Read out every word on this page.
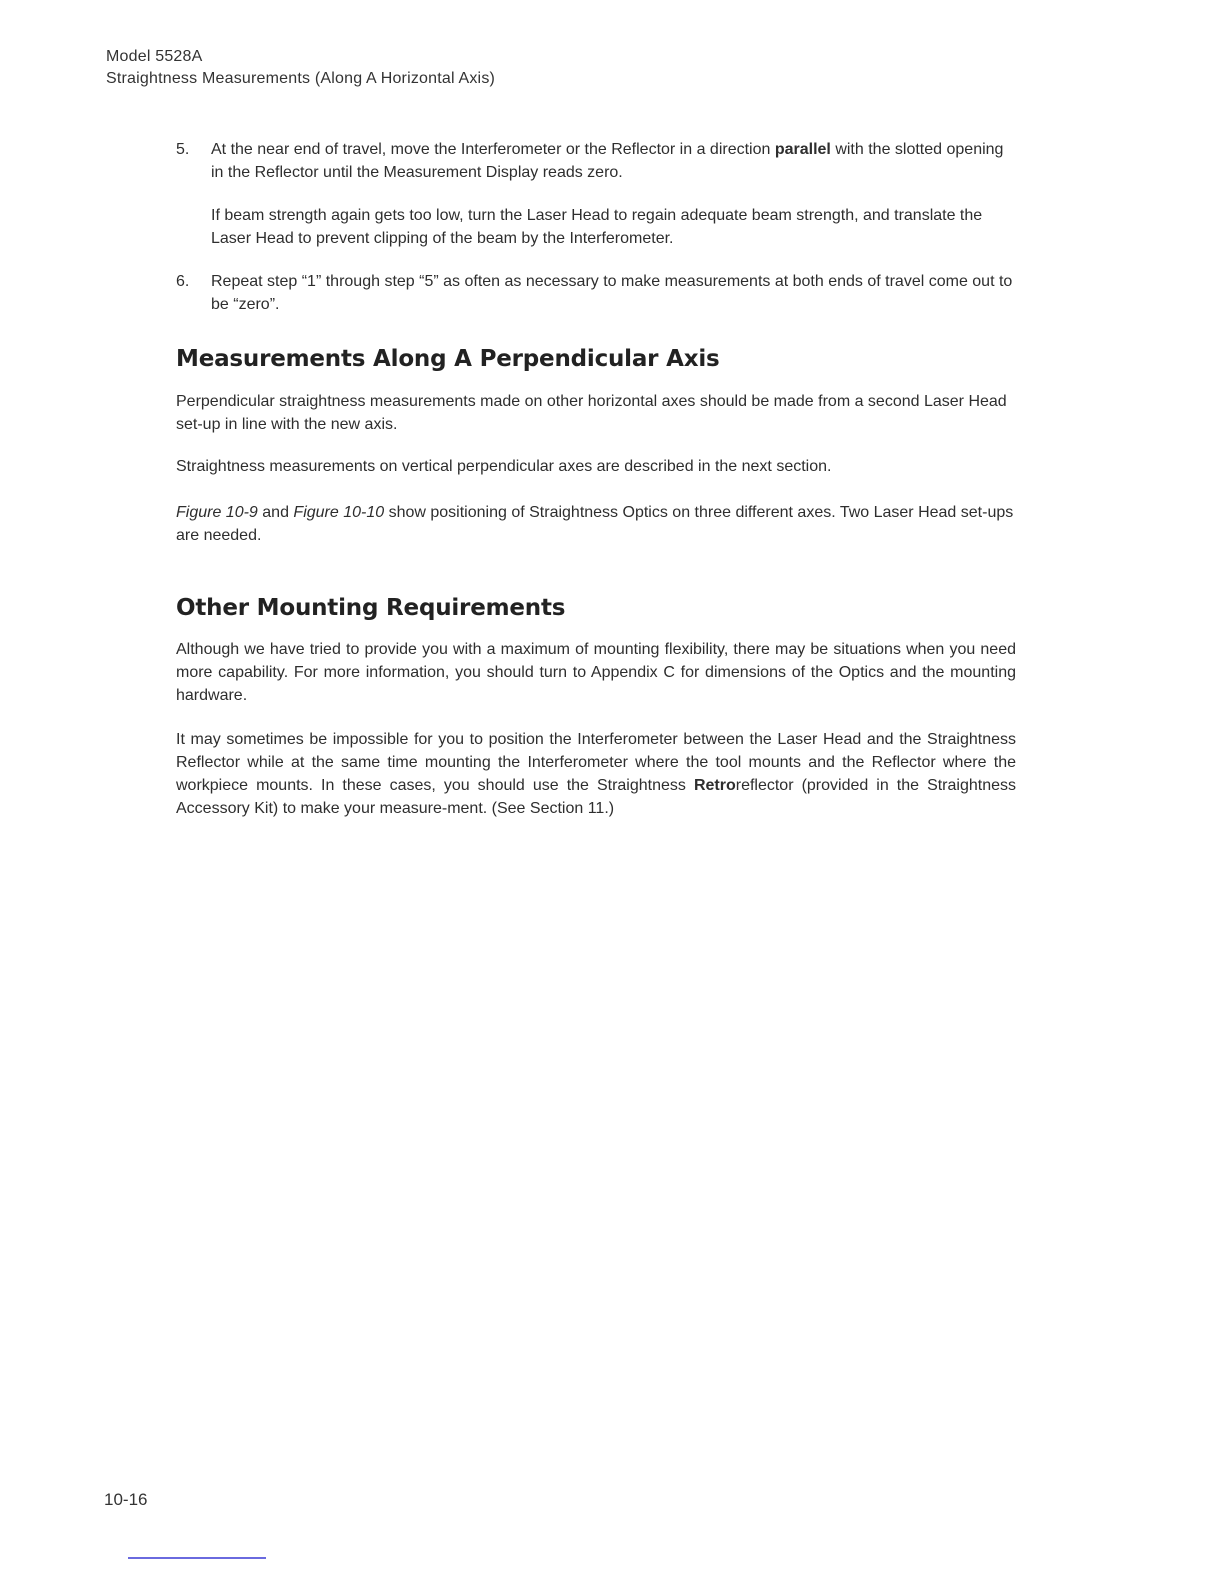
Model 5528A
Straightness Measurements (Along A Horizontal Axis)
5. At the near end of travel, move the Interferometer or the Reflector in a direction parallel with the slotted opening in the Reflector until the Measurement Display reads zero.

If beam strength again gets too low, turn the Laser Head to regain adequate beam strength, and translate the Laser Head to prevent clipping of the beam by the Interferometer.

6. Repeat step “1” through step “5” as often as necessary to make measurements at both ends of travel come out to be “zero”.

Measurements Along A Perpendicular Axis

Perpendicular straightness measurements made on other horizontal axes should be made from a second Laser Head set-up in line with the new axis.

Straightness measurements on vertical perpendicular axes are described in the next section.

Figure 10-9 and Figure 10-10 show positioning of Straightness Optics on three different axes. Two Laser Head set-ups are needed.

Other Mounting Requirements

Although we have tried to provide you with a maximum of mounting flexibility, there may be situations when you need more capability. For more information, you should turn to Appendix C for dimensions of the Optics and the mounting hardware.

It may sometimes be impossible for you to position the Interferometer between the Laser Head and the Straightness Reflector while at the same time mounting the Interferometer where the tool mounts and the Reflector where the workpiece mounts. In these cases, you should use the Straightness Retroreflector (provided in the Straightness Accessory Kit) to make your measure-ment. (See Section 11.)

10-16
